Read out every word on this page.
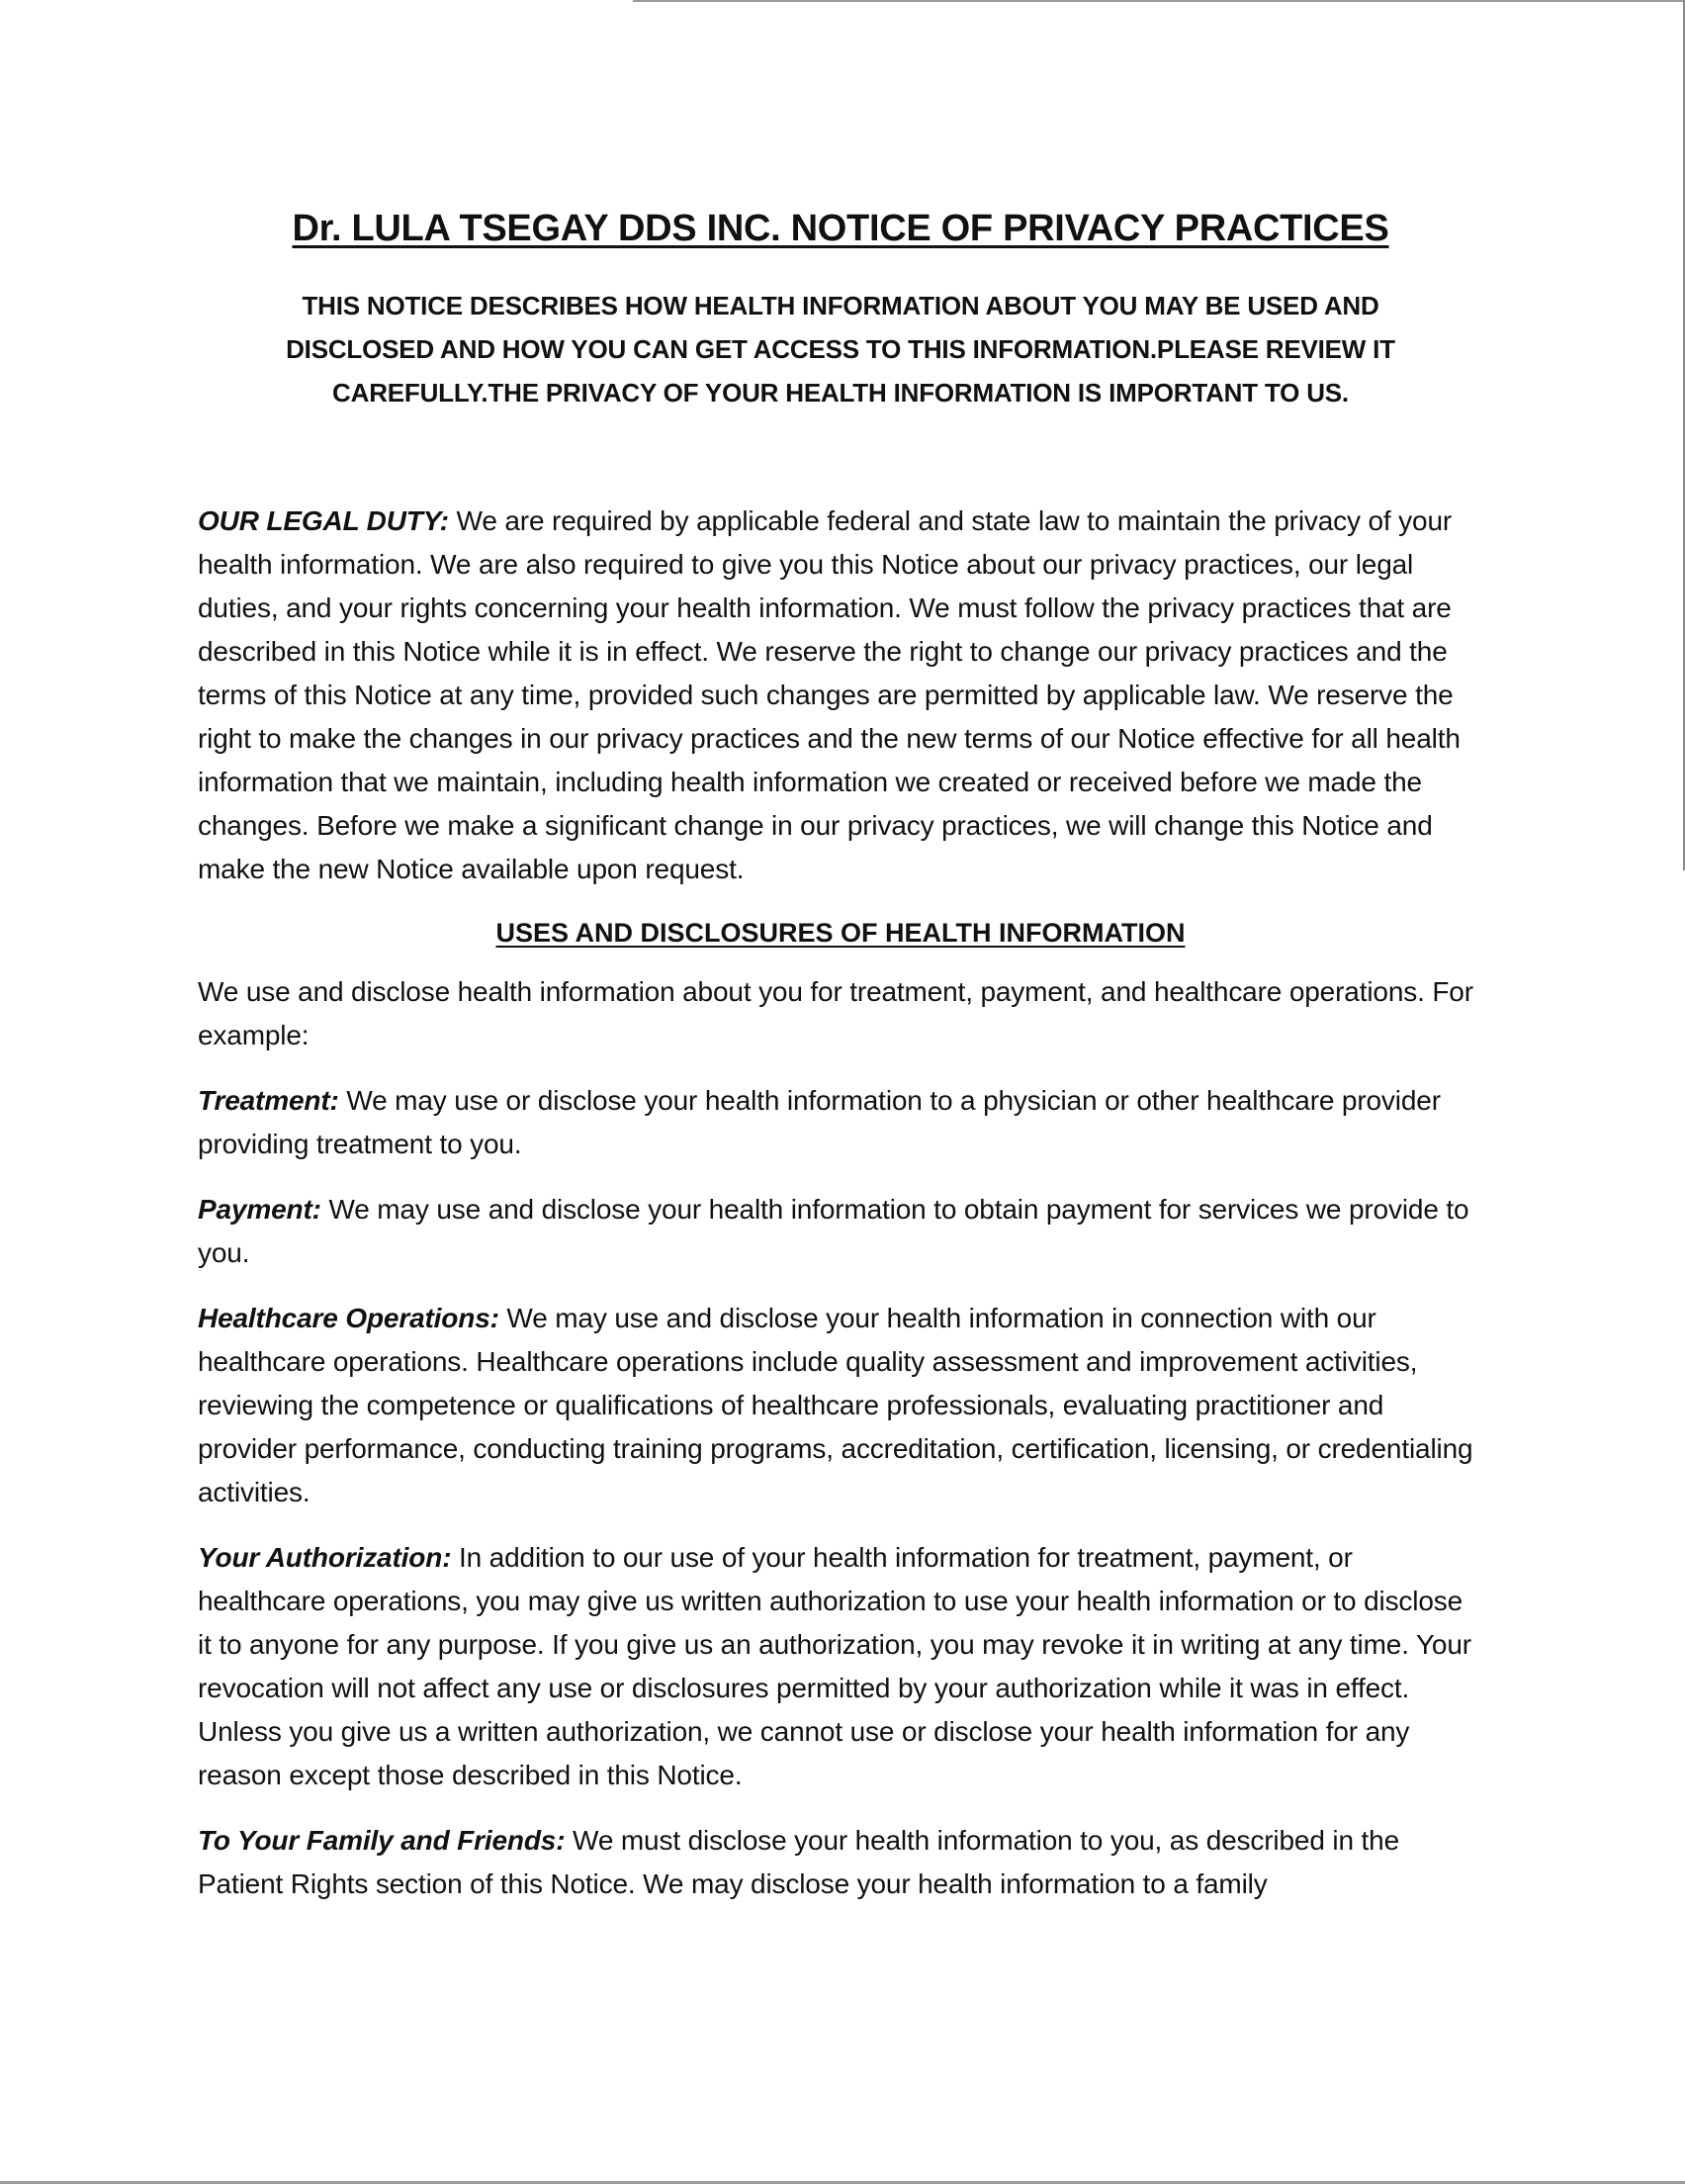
Dr. LULA TSEGAY DDS INC. NOTICE OF PRIVACY PRACTICES
THIS NOTICE DESCRIBES HOW HEALTH INFORMATION ABOUT YOU MAY BE USED AND DISCLOSED AND HOW YOU CAN GET ACCESS TO THIS INFORMATION.PLEASE REVIEW IT CAREFULLY.THE PRIVACY OF YOUR HEALTH INFORMATION IS IMPORTANT TO US.

OUR LEGAL DUTY: We are required by applicable federal and state law to maintain the privacy of your health information. We are also required to give you this Notice about our privacy practices, our legal duties, and your rights concerning your health information. We must follow the privacy practices that are described in this Notice while it is in effect. We reserve the right to change our privacy practices and the terms of this Notice at any time, provided such changes are permitted by applicable law. We reserve the right to make the changes in our privacy practices and the new terms of our Notice effective for all health information that we maintain, including health information we created or received before we made the changes. Before we make a significant change in our privacy practices, we will change this Notice and make the new Notice available upon request.

USES AND DISCLOSURES OF HEALTH INFORMATION

We use and disclose health information about you for treatment, payment, and healthcare operations. For example:

Treatment: We may use or disclose your health information to a physician or other healthcare provider providing treatment to you.

Payment: We may use and disclose your health information to obtain payment for services we provide to you.

Healthcare Operations: We may use and disclose your health information in connection with our healthcare operations. Healthcare operations include quality assessment and improvement activities, reviewing the competence or qualifications of healthcare professionals, evaluating practitioner and provider performance, conducting training programs, accreditation, certification, licensing, or credentialing activities.

Your Authorization: In addition to our use of your health information for treatment, payment, or healthcare operations, you may give us written authorization to use your health information or to disclose it to anyone for any purpose. If you give us an authorization, you may revoke it in writing at any time. Your revocation will not affect any use or disclosures permitted by your authorization while it was in effect. Unless you give us a written authorization, we cannot use or disclose your health information for any reason except those described in this Notice.

To Your Family and Friends: We must disclose your health information to you, as described in the Patient Rights section of this Notice. We may disclose your health information to a family
